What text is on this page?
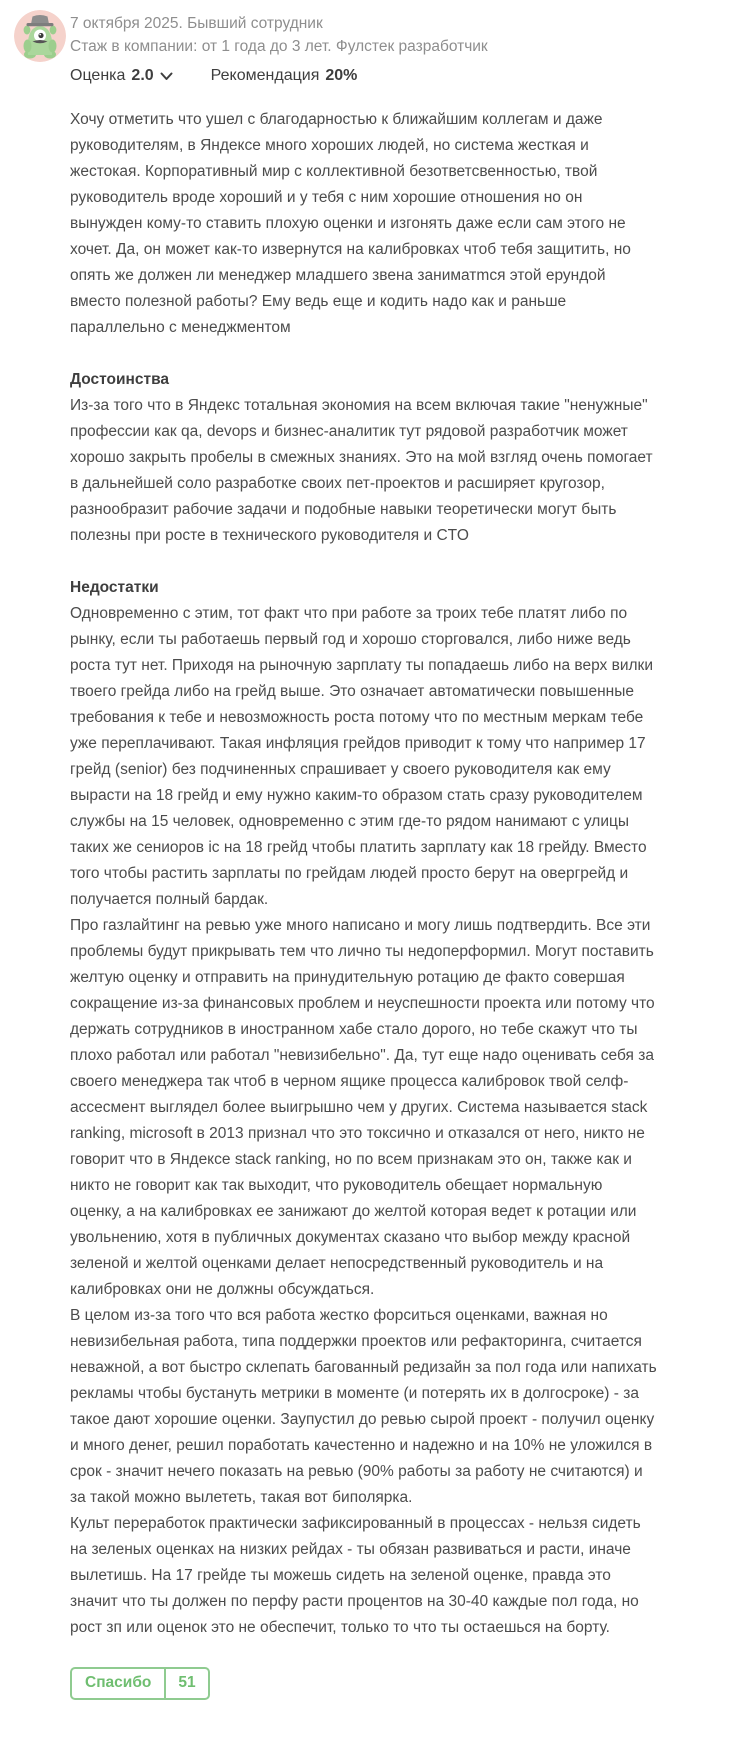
7 октября 2025. Бывший сотрудник
Стаж в компании: от 1 года до 3 лет. Фулстек разработчик
Оценка 2.0	Рекомендация 20%

Хочу отметить что ушел с благодарностью к ближайшим коллегам и даже руководителям, в Яндексе много хороших людей, но система жесткая и жестокая. Корпоративный мир с коллективной безответсвенностью, твой руководитель вроде хороший и у тебя с ним хорошие отношения но он вынужден кому-то ставить плохую оценки и изгонять даже если сам этого не хочет. Да, он может как-то извернутся на калибровках чтоб тебя защитить, но опять же должен ли менеджер младшего звена заниматmся этой ерундой вместо полезной работы? Ему ведь еще и кодить надо как и раньше параллельно с менеджментом

Достоинства

Из-за того что в Яндекс тотальная экономия на всем включая такие "ненужные" профессии как qa, devops и бизнес-аналитик тут рядовой разработчик может хорошо закрыть пробелы в смежных знаниях. Это на мой взгляд очень помогает в дальнейшей соло разработке своих пет-проектов и расширяет кругозор, разнообразит рабочие задачи и подобные навыки теоретически могут быть полезны при росте в технического руководителя и CTO

Недостатки

Одновременно с этим, тот факт что при работе за троих тебе платят либо по рынку, если ты работаешь первый год и хорошо сторговался, либо ниже ведь роста тут нет. Приходя на рыночную зарплату ты попадаешь либо на верх вилки твоего грейда либо на грейд выше. Это означает автоматически повышенные требования к тебе и невозможность роста потому что по местным меркам тебе уже переплачивают. Такая инфляция грейдов приводит к тому что например 17 грейд (senior) без подчиненных спрашивает у своего руководителя как ему вырасти на 18 грейд и ему нужно каким-то образом стать сразу руководителем службы на 15 человек, одновременно с этим где-то рядом нанимают с улицы таких же сениоров ic на 18 грейд чтобы платить зарплату как 18 грейду. Вместо того чтобы растить зарплаты по грейдам людей просто берут на овергрейд и получается полный бардак.

Про газлайтинг на ревью уже много написано и могу лишь подтвердить. Все эти проблемы будут прикрывать тем что лично ты недоперформил. Могут поставить желтую оценку и отправить на принудительную ротацию де факто совершая сокращение из-за финансовых проблем и неуспешности проекта или потому что держать сотрудников в иностранном хабе стало дорого, но тебе скажут что ты плохо работал или работал "невизибельно". Да, тут еще надо оценивать себя за своего менеджера так чтоб в черном ящике процесса калибровок твой селф-ассесмент выглядел более выигрышно чем у других. Система называется stack ranking, microsoft в 2013 признал что это токсично и отказался от него, никто не говорит что в Яндексе stack ranking, но по всем признакам это он, также как и никто не говорит как так выходит, что руководитель обещает нормальную оценку, а на калибровках ее занижают до желтой которая ведет к ротации или увольнению, хотя в публичных документах сказано что выбор между красной зеленой и желтой оценками делает непосредственный руководитель и на калибровках они не должны обсуждаться.

В целом из-за того что вся работа жестко форситься оценками, важная но невизибельная работа, типа поддержки проектов или рефакторинга, считается неважной, а вот быстро склепать багованный редизайн за пол года или напихать рекламы чтобы бустануть метрики в моменте (и потерять их в долгосроке) - за такое дают хорошие оценки. Заупустил до ревью сырой проект - получил оценку и много денег, решил поработать качестенно и надежно и на 10% не уложился в срок - значит нечего показать на ревью (90% работы за работу не считаются) и за такой можно вылететь, такая вот биполярка.

Культ переработок практически зафиксированный в процессах - нельзя сидеть на зеленых оценках на низких рейдах - ты обязан развиваться и расти, иначе вылетишь. На 17 грейде ты можешь сидеть на зеленой оценке, правда это значит что ты должен по перфу расти процентов на 30-40 каждые пол года, но рост зп или оценок это не обеспечит, только то что ты остаешься на борту.

Спасибо	51
